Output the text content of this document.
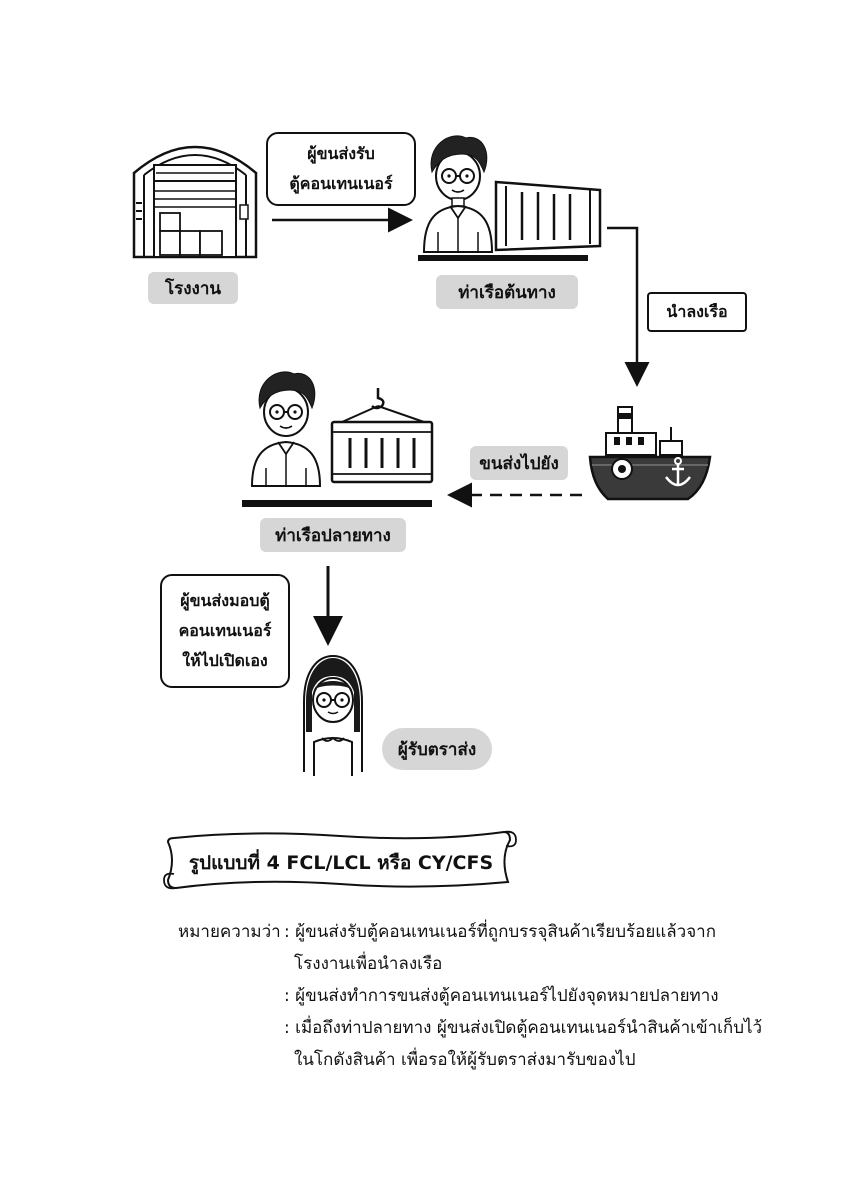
โรงงาน
ผู้ขนส่งรับ
ตู้คอนเทนเนอร์
ท่าเรือต้นทาง
นำลงเรือ
ขนส่งไปยัง
ท่าเรือปลายทาง
ผู้ขนส่งมอบตู้
คอนเทนเนอร์
ให้ไปเปิดเอง
ผู้รับตราส่ง
รูปแบบที่ 4 FCL/LCL หรือ CY/CFS
หมายความว่า : ผู้ขนส่งรับตู้คอนเทนเนอร์ที่ถูกบรรจุสินค้าเรียบร้อยแล้วจาก
โรงงานเพื่อนำลงเรือ
: ผู้ขนส่งทำการขนส่งตู้คอนเทนเนอร์ไปยังจุดหมายปลายทาง
: เมื่อถึงท่าปลายทาง ผู้ขนส่งเปิดตู้คอนเทนเนอร์นำสินค้าเข้าเก็บไว้
ในโกดังสินค้า เพื่อรอให้ผู้รับตราส่งมารับของไป
